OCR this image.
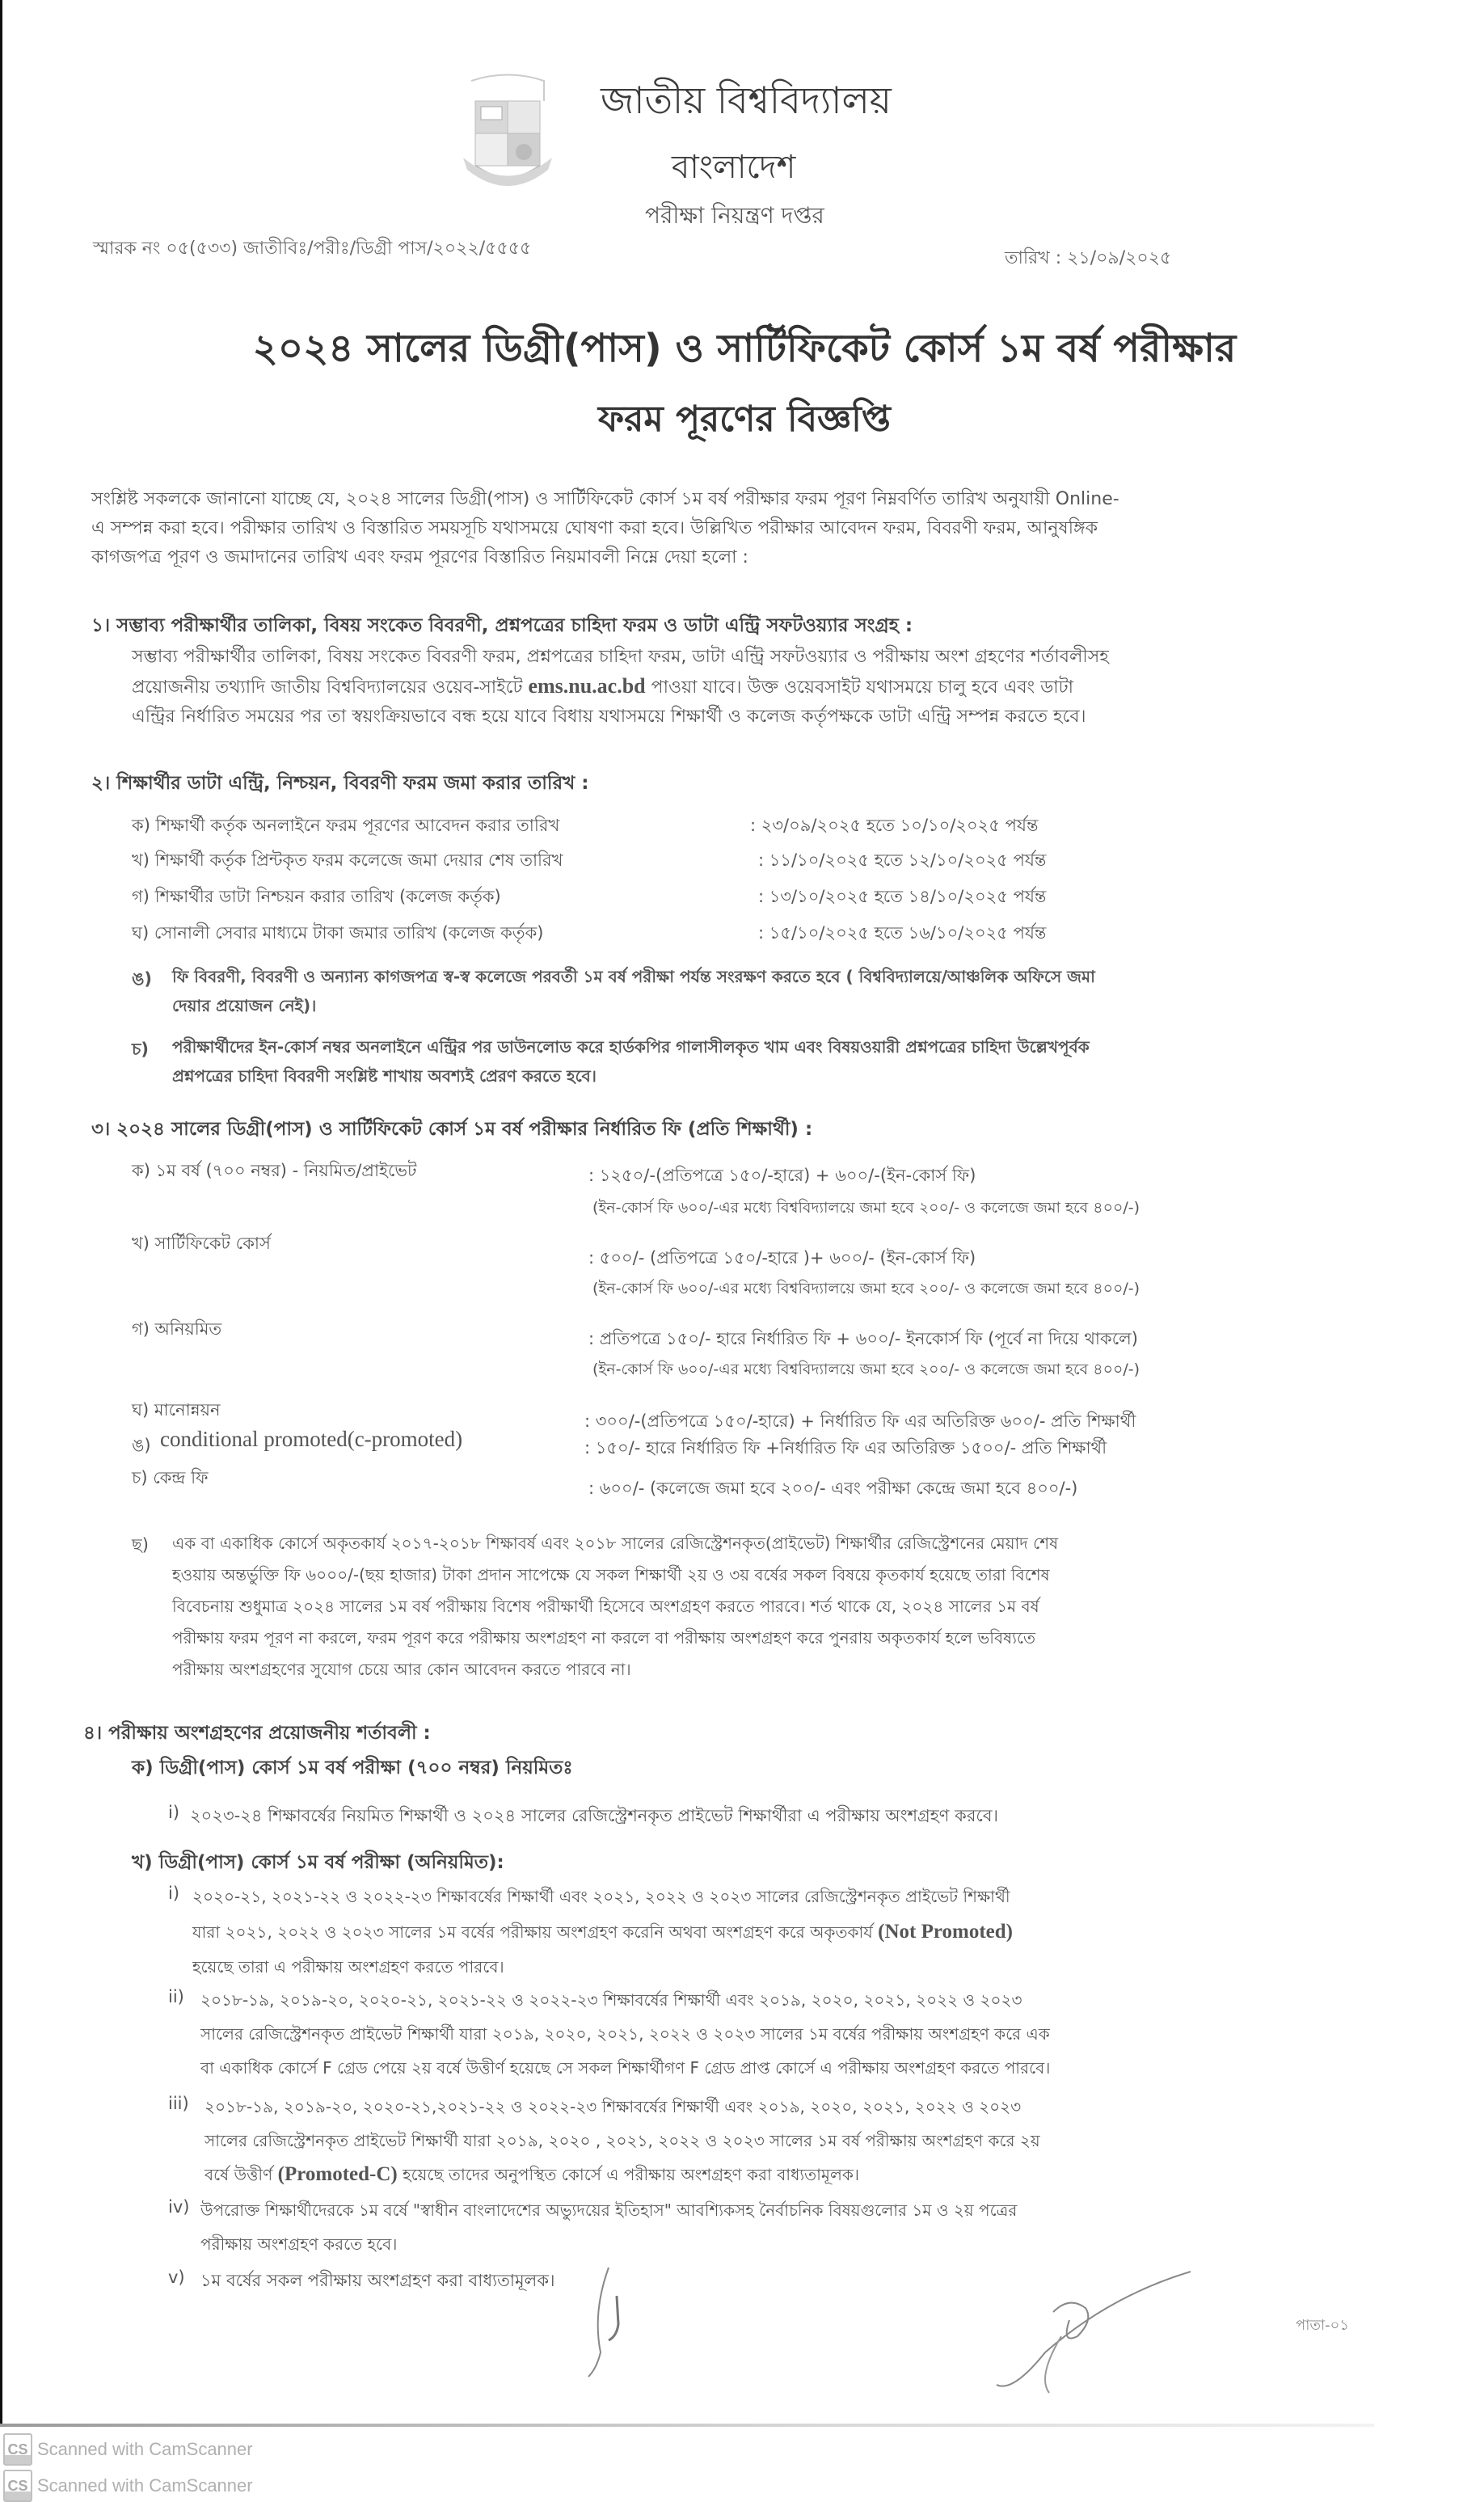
জাতীয় বিশ্ববিদ্যালয়
বাংলাদেশ
পরীক্ষা নিয়ন্ত্রণ দপ্তর
স্মারক নং ০৫(৫৩৩) জাতীবিঃ/পরীঃ/ডিগ্রী পাস/২০২২/৫৫৫৫	তারিখ : ২১/০৯/২০২৫
২০২৪ সালের ডিগ্রী(পাস) ও সার্টিফিকেট কোর্স ১ম বর্ষ পরীক্ষার
ফরম পূরণের বিজ্ঞপ্তি
সংশ্লিষ্ট সকলকে জানানো যাচ্ছে যে, ২০২৪ সালের ডিগ্রী(পাস) ও সার্টিফিকেট কোর্স ১ম বর্ষ পরীক্ষার ফরম পূরণ নিম্নবর্ণিত তারিখ অনুযায়ী Online-
এ সম্পন্ন করা হবে। পরীক্ষার তারিখ ও বিস্তারিত সময়সূচি যথাসময়ে ঘোষণা করা হবে। উল্লিখিত পরীক্ষার আবেদন ফরম, বিবরণী ফরম, আনুষঙ্গিক
কাগজপত্র পূরণ ও জমাদানের তারিখ এবং ফরম পূরণের বিস্তারিত নিয়মাবলী নিম্নে দেয়া হলো :
১। সম্ভাব্য পরীক্ষার্থীর তালিকা, বিষয় সংকেত বিবরণী, প্রশ্নপত্রের চাহিদা ফরম ও ডাটা এন্ট্রি সফটওয়্যার সংগ্রহ :
সম্ভাব্য পরীক্ষার্থীর তালিকা, বিষয় সংকেত বিবরণী ফরম, প্রশ্নপত্রের চাহিদা ফরম, ডাটা এন্ট্রি সফটওয়্যার ও পরীক্ষায় অংশ গ্রহণের শর্তাবলীসহ
প্রয়োজনীয় তথ্যাদি জাতীয় বিশ্ববিদ্যালয়ের ওয়েব-সাইটে ems.nu.ac.bd পাওয়া যাবে। উক্ত ওয়েবসাইট যথাসময়ে চালু হবে এবং ডাটা
এন্ট্রির নির্ধারিত সময়ের পর তা স্বয়ংক্রিয়ভাবে বন্ধ হয়ে যাবে বিধায় যথাসময়ে শিক্ষার্থী ও কলেজ কর্তৃপক্ষকে ডাটা এন্ট্রি সম্পন্ন করতে হবে।
২। শিক্ষার্থীর ডাটা এন্ট্রি, নিশ্চয়ন, বিবরণী ফরম জমা করার তারিখ :
ক) শিক্ষার্থী কর্তৃক অনলাইনে ফরম পূরণের আবেদন করার তারিখ	: ২৩/০৯/২০২৫ হতে ১০/১০/২০২৫ পর্যন্ত
খ) শিক্ষার্থী কর্তৃক প্রিন্টকৃত ফরম কলেজে জমা দেয়ার শেষ তারিখ	: ১১/১০/২০২৫ হতে ১২/১০/২০২৫ পর্যন্ত
গ) শিক্ষার্থীর ডাটা নিশ্চয়ন করার তারিখ (কলেজ কর্তৃক)	: ১৩/১০/২০২৫ হতে ১৪/১০/২০২৫ পর্যন্ত
ঘ) সোনালী সেবার মাধ্যমে টাকা জমার তারিখ (কলেজ কর্তৃক)	: ১৫/১০/২০২৫ হতে ১৬/১০/২০২৫ পর্যন্ত
ঙ) ফি বিবরণী, বিবরণী ও অন্যান্য কাগজপত্র স্ব-স্ব কলেজে পরবর্তী ১ম বর্ষ পরীক্ষা পর্যন্ত সংরক্ষণ করতে হবে ( বিশ্ববিদ্যালয়ে/আঞ্চলিক অফিসে জমা
দেয়ার প্রয়োজন নেই)।
চ) পরীক্ষার্থীদের ইন-কোর্স নম্বর অনলাইনে এন্ট্রির পর ডাউনলোড করে হার্ডকপির গালাসীলকৃত খাম এবং বিষয়ওয়ারী প্রশ্নপত্রের চাহিদা উল্লেখপূর্বক
প্রশ্নপত্রের চাহিদা বিবরণী সংশ্লিষ্ট শাখায় অবশ্যই প্রেরণ করতে হবে।
৩। ২০২৪ সালের ডিগ্রী(পাস) ও সার্টিফিকেট কোর্স ১ম বর্ষ পরীক্ষার নির্ধারিত ফি (প্রতি শিক্ষার্থী) :
ক) ১ম বর্ষ (৭০০ নম্বর) - নিয়মিত/প্রাইভেট	: ১২৫০/-(প্রতিপত্রে ১৫০/-হারে) + ৬০০/-(ইন-কোর্স ফি)
(ইন-কোর্স ফি ৬০০/-এর মধ্যে বিশ্ববিদ্যালয়ে জমা হবে ২০০/- ও কলেজে জমা হবে ৪০০/-)
খ) সার্টিফিকেট কোর্স
: ৫০০/- (প্রতিপত্রে ১৫০/-হারে )+ ৬০০/- (ইন-কোর্স ফি)
(ইন-কোর্স ফি ৬০০/-এর মধ্যে বিশ্ববিদ্যালয়ে জমা হবে ২০০/- ও কলেজে জমা হবে ৪০০/-)
গ) অনিয়মিত	: প্রতিপত্রে ১৫০/- হারে নির্ধারিত ফি + ৬০০/- ইনকোর্স ফি (পূর্বে না দিয়ে থাকলে)
(ইন-কোর্স ফি ৬০০/-এর মধ্যে বিশ্ববিদ্যালয়ে জমা হবে ২০০/- ও কলেজে জমা হবে ৪০০/-)
ঘ) মানোন্নয়ন
: ৩০০/-(প্রতিপত্রে ১৫০/-হারে) + নির্ধারিত ফি এর অতিরিক্ত ৬০০/- প্রতি শিক্ষার্থী
ঙ) conditional promoted(c-promoted)	: ১৫০/- হারে নির্ধারিত ফি +নির্ধারিত ফি এর অতিরিক্ত ১৫০০/- প্রতি শিক্ষার্থী
চ) কেন্দ্র ফি
: ৬০০/- (কলেজে জমা হবে ২০০/- এবং পরীক্ষা কেন্দ্রে জমা হবে ৪০০/-)
ছ) এক বা একাধিক কোর্সে অকৃতকার্য ২০১৭-২০১৮ শিক্ষাবর্ষ এবং ২০১৮ সালের রেজিস্ট্রেশনকৃত(প্রাইভেট) শিক্ষার্থীর রেজিস্ট্রেশনের মেয়াদ শেষ
হওয়ায় অন্তর্ভুক্তি ফি ৬০০০/-(ছয় হাজার) টাকা প্রদান সাপেক্ষে যে সকল শিক্ষার্থী ২য় ও ৩য় বর্ষের সকল বিষয়ে কৃতকার্য হয়েছে তারা বিশেষ
বিবেচনায় শুধুমাত্র ২০২৪ সালের ১ম বর্ষ পরীক্ষায় বিশেষ পরীক্ষার্থী হিসেবে অংশগ্রহণ করতে পারবে। শর্ত থাকে যে, ২০২৪ সালের ১ম বর্ষ
পরীক্ষায় ফরম পূরণ না করলে, ফরম পূরণ করে পরীক্ষায় অংশগ্রহণ না করলে বা পরীক্ষায় অংশগ্রহণ করে পুনরায় অকৃতকার্য হলে ভবিষ্যতে
পরীক্ষায় অংশগ্রহণের সুযোগ চেয়ে আর কোন আবেদন করতে পারবে না।
৪। পরীক্ষায় অংশগ্রহণের প্রয়োজনীয় শর্তাবলী :
ক) ডিগ্রী(পাস) কোর্স ১ম বর্ষ পরীক্ষা (৭০০ নম্বর) নিয়মিতঃ
i) ২০২৩-২৪ শিক্ষাবর্ষের নিয়মিত শিক্ষার্থী ও ২০২৪ সালের রেজিস্ট্রেশনকৃত প্রাইভেট শিক্ষার্থীরা এ পরীক্ষায় অংশগ্রহণ করবে।
খ) ডিগ্রী(পাস) কোর্স ১ম বর্ষ পরীক্ষা (অনিয়মিত):
i) ২০২০-২১, ২০২১-২২ ও ২০২২-২৩ শিক্ষাবর্ষের শিক্ষার্থী এবং ২০২১, ২০২২ ও ২০২৩ সালের রেজিস্ট্রেশনকৃত প্রাইভেট শিক্ষার্থী
যারা ২০২১, ২০২২ ও ২০২৩ সালের ১ম বর্ষের পরীক্ষায় অংশগ্রহণ করেনি অথবা অংশগ্রহণ করে অকৃতকার্য (Not Promoted)
হয়েছে তারা এ পরীক্ষায় অংশগ্রহণ করতে পারবে।
ii) ২০১৮-১৯, ২০১৯-২০, ২০২০-২১, ২০২১-২২ ও ২০২২-২৩ শিক্ষাবর্ষের শিক্ষার্থী এবং ২০১৯, ২০২০, ২০২১, ২০২২ ও ২০২৩
সালের রেজিস্ট্রেশনকৃত প্রাইভেট শিক্ষার্থী যারা ২০১৯, ২০২০, ২০২১, ২০২২ ও ২০২৩ সালের ১ম বর্ষের পরীক্ষায় অংশগ্রহণ করে এক
বা একাধিক কোর্সে F গ্রেড পেয়ে ২য় বর্ষে উত্তীর্ণ হয়েছে সে সকল শিক্ষার্থীগণ F গ্রেড প্রাপ্ত কোর্সে এ পরীক্ষায় অংশগ্রহণ করতে পারবে।
iii) ২০১৮-১৯, ২০১৯-২০, ২০২০-২১,২০২১-২২ ও ২০২২-২৩ শিক্ষাবর্ষের শিক্ষার্থী এবং ২০১৯, ২০২০, ২০২১, ২০২২ ও ২০২৩
সালের রেজিস্ট্রেশনকৃত প্রাইভেট শিক্ষার্থী যারা ২০১৯, ২০২০ , ২০২১, ২০২২ ও ২০২৩ সালের ১ম বর্ষ পরীক্ষায় অংশগ্রহণ করে ২য়
বর্ষে উত্তীর্ণ (Promoted-C) হয়েছে তাদের অনুপস্থিত কোর্সে এ পরীক্ষায় অংশগ্রহণ করা বাধ্যতামূলক।
iv) উপরোক্ত শিক্ষার্থীদেরকে ১ম বর্ষে "স্বাধীন বাংলাদেশের অভ্যুদয়ের ইতিহাস" আবশ্যিকসহ নৈর্বাচনিক বিষয়গুলোর ১ম ও ২য় পত্রের
পরীক্ষায় অংশগ্রহণ করতে হবে।
v) ১ম বর্ষের সকল পরীক্ষায় অংশগ্রহণ করা বাধ্যতামূলক।
পাতা-০১
CS Scanned with CamScanner
CS Scanned with CamScanner
